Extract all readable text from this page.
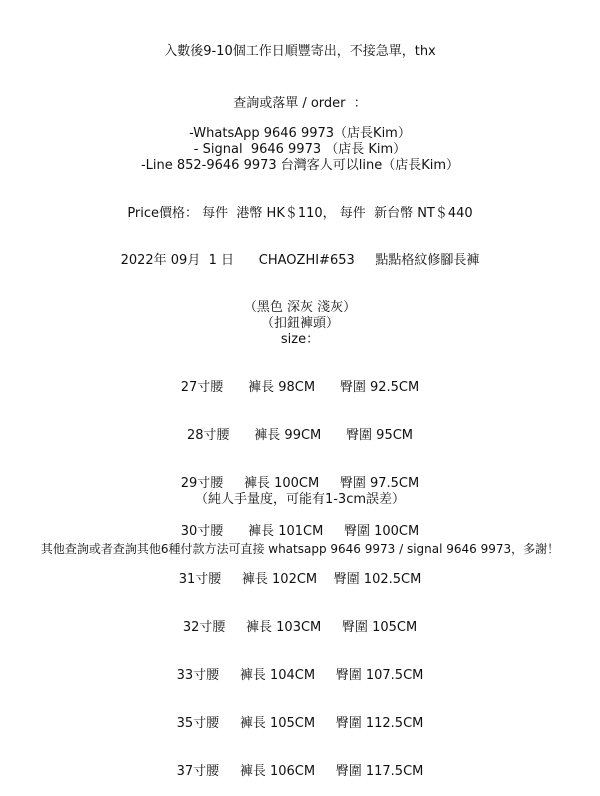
入數後9-10個工作日順豐寄出，不接急單，thx
查詢或落單 / order  ：
-WhatsApp 9646 9973（店長Kim）
- Signal  9646 9973 （店長 Kim）
-Line 852-9646 9973 台灣客人可以line（店長Kim）
Price價格： 每件  港幣 HK＄110， 每件  新台幣 NT＄440
2022年 09月  1 日      CHAOZHI#653     點點格紋修腳長褲
（黑色 深灰 淺灰）
（扣鈕褲頭）
size：

27寸腰      褲長 98CM      臀圍 92.5CM

28寸腰      褲長 99CM      臀圍 95CM

29寸腰     褲長 100CM     臀圍 97.5CM

30寸腰      褲長 101CM     臀圍 100CM

31寸腰     褲長 102CM    臀圍 102.5CM

32寸腰     褲長 103CM     臀圍 105CM

33寸腰     褲長 104CM     臀圍 107.5CM

35寸腰     褲長 105CM     臀圍 112.5CM

37寸腰     褲長 106CM     臀圍 117.5CM

（純人手量度，可能有1-3cm誤差）
其他查詢或者查詢其他6種付款方法可直接 whatsapp 9646 9973 / signal 9646 9973，多謝！
